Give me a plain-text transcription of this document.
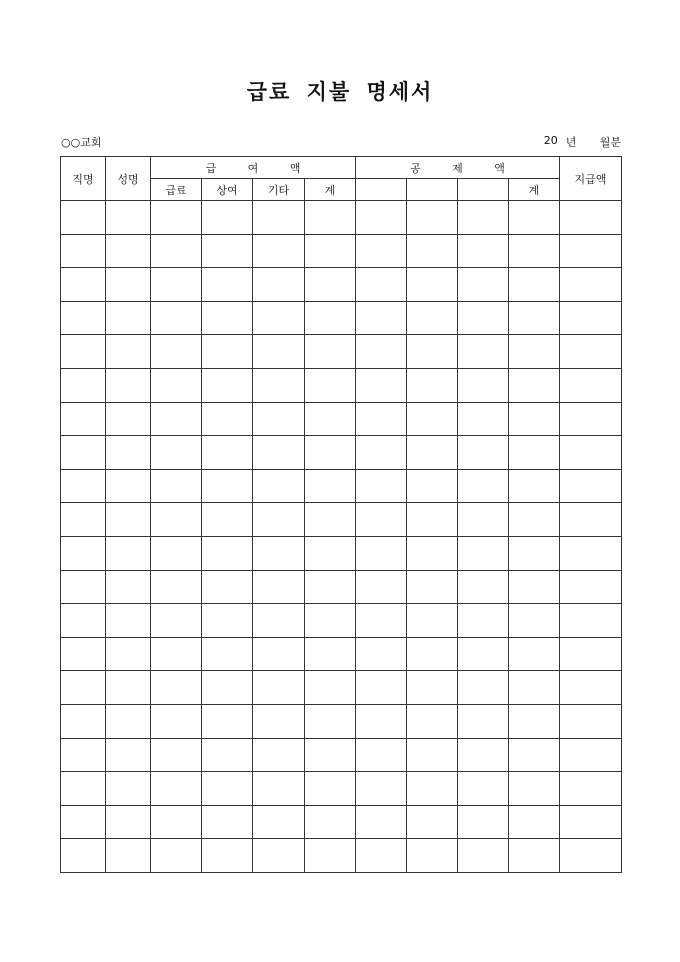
급료 지불 명세서
○○교회	20 년	월분
직명	성명	급 여 액				공 제 액				지급액
		급료	상여	기타	계				계	
